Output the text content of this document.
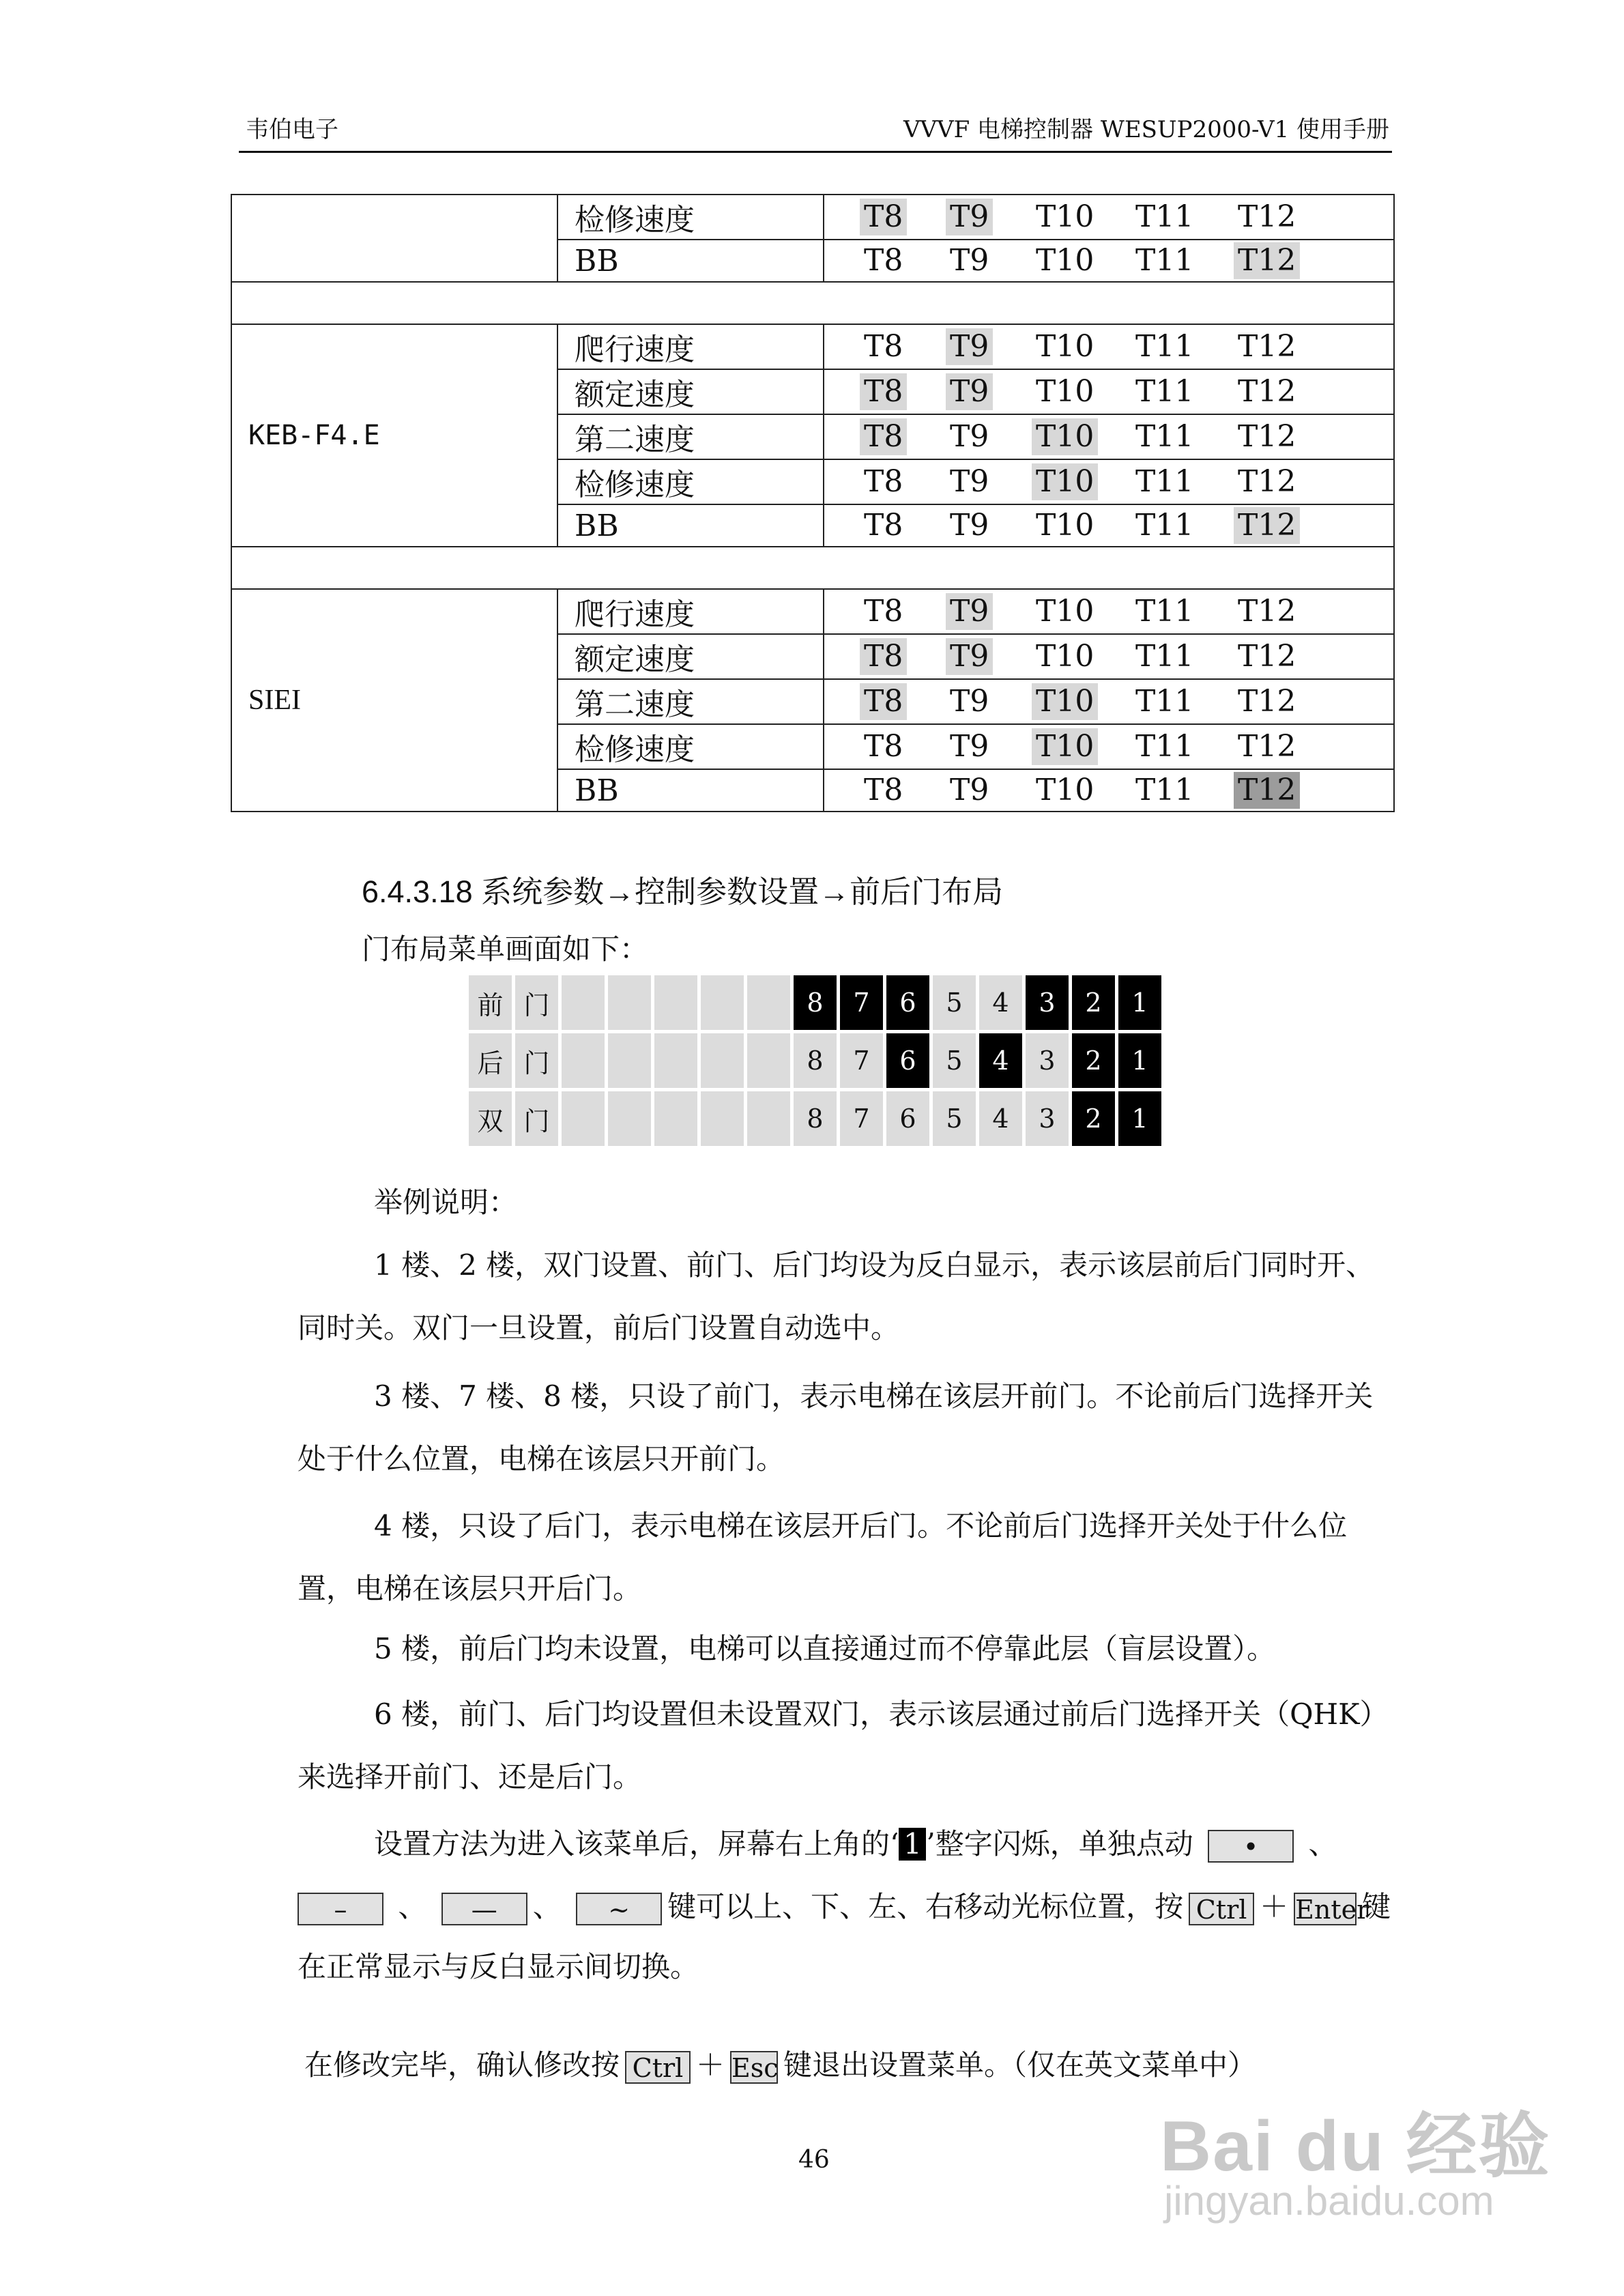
韦伯电子	VVVF 电梯控制器 WESUP2000-V1 使用手册
	检修速度	T8 T9 T10 T11 T12

	BB	T8 T9 T10 T11 T12

KEB-F4.E	爬行速度	T8 T9 T10 T11 T12

	额定速度	T8 T9 T10 T11 T12

	第二速度	T8 T9 T10 T11 T12

	检修速度	T8 T9 T10 T11 T12

	BB	T8 T9 T10 T11 T12

SIEI	爬行速度	T8 T9 T10 T11 T12

	额定速度	T8 T9 T10 T11 T12

	第二速度	T8 T9 T10 T11 T12

	检修速度	T8 T9 T10 T11 T12

	BB	T8 T9 T10 T11 T12
6.4.3.18 系统参数→控制参数设置→前后门布局
门布局菜单画面如下：
前	门						8	7	6	5	4	3	2	1
后	门						8	7	6	5	4	3	2	1
双	门						8	7	6	5	4	3	2	1
举例说明：
1 楼、2 楼，双门设置、前门、后门均设为反白显示，表示该层前后门同时开、同时关。双门一旦设置，前后门设置自动选中。
3 楼、7 楼、8 楼，只设了前门，表示电梯在该层开前门。不论前后门选择开关处于什么位置，电梯在该层只开前门。
4 楼，只设了后门，表示电梯在该层开后门。不论前后门选择开关处于什么位置，电梯在该层只开后门。
5 楼，前后门均未设置，电梯可以直接通过而不停靠此层（盲层设置）。
6 楼，前门、后门均设置但未设置双门，表示该层通过前后门选择开关（QHK）来选择开前门、还是后门。
设置方法为进入该菜单后，屏幕右上角的‘ 1 ’整字闪烁，单独点动 • 、
– 、 — 、 ~ 键可以上、下、左、右移动光标位置，按 Ctrl ＋ Enter键
在正常显示与反白显示间切换。
在修改完毕，确认修改按 Ctrl ＋ Esc 键退出设置菜单。（仅在英文菜单中）
46	Bai du 经验
jingyan.baidu.com
